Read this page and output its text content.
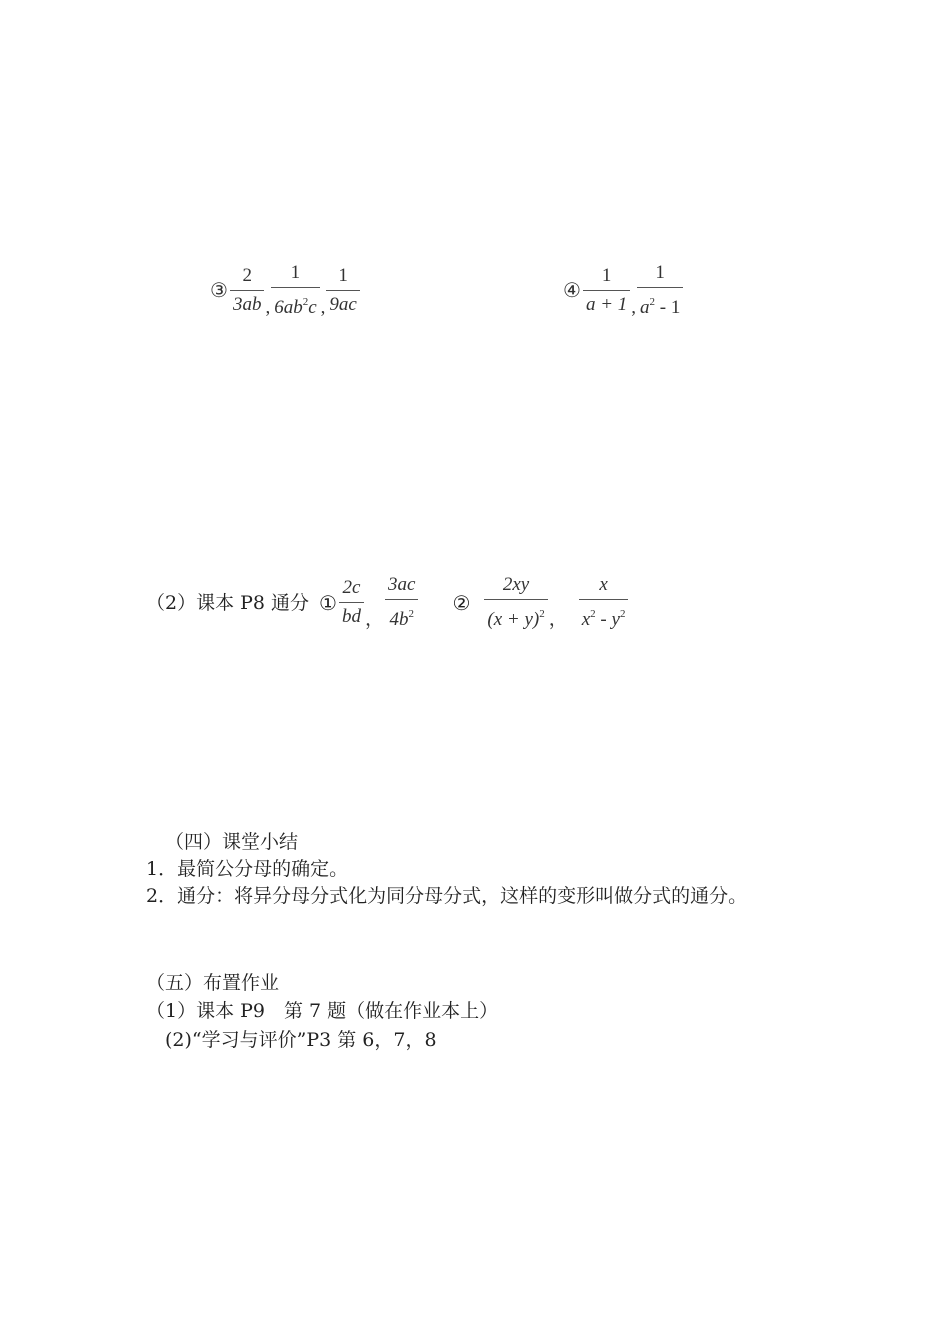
③ $\frac{2}{3ab}$ , $\frac{1}{6ab^2c}$ , $\frac{1}{9ac}$	④ $\frac{1}{a + 1}$ , $\frac{1}{a^2 - 1}$
（2）课本 P8 通分 ① $\frac{2c}{bd}$ ， $\frac{3ac}{4b^2}$ ② $\frac{2xy}{(x + y)^2}$ ， $\frac{x}{x^2 - y^2}$
（四）课堂小结
1．最简公分母的确定。
2．通分：将异分母分式化为同分母分式，这样的变形叫做分式的通分。
（五）布置作业
（1）课本 P9　第 7 题（做在作业本上）
(2)“学习与评价”P3 第 6，7，8
